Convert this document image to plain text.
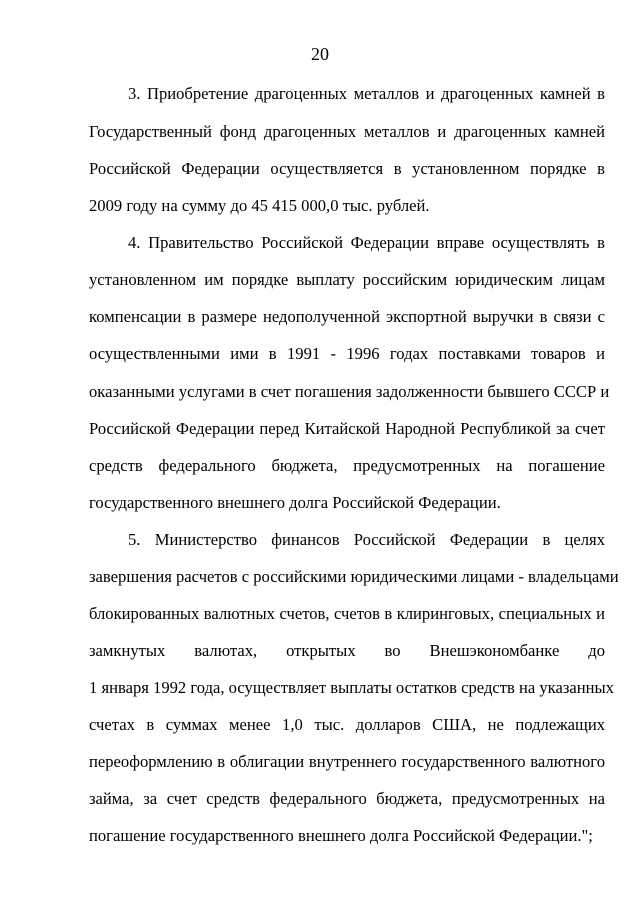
20
3. Приобретение драгоценных металлов и драгоценных камней в
Государственный фонд драгоценных металлов и драгоценных камней
Российской Федерации осуществляется в установленном порядке в
2009 году на сумму до 45 415 000,0 тыс. рублей.
4. Правительство Российской Федерации вправе осуществлять в
установленном им порядке выплату российским юридическим лицам
компенсации в размере недополученной экспортной выручки в связи с
осуществленными ими в 1991 - 1996 годах поставками товаров и
оказанными услугами в счет погашения задолженности бывшего СССР и
Российской Федерации перед Китайской Народной Республикой за счет
средств федерального бюджета, предусмотренных на погашение
государственного внешнего долга Российской Федерации.
5. Министерство финансов Российской Федерации в целях
завершения расчетов с российскими юридическими лицами - владельцами
блокированных валютных счетов, счетов в клиринговых, специальных и
замкнутых валютах, открытых во Внешэкономбанке до
1 января 1992 года, осуществляет выплаты остатков средств на указанных
счетах в суммах менее 1,0 тыс. долларов США, не подлежащих
переоформлению в облигации внутреннего государственного валютного
займа, за счет средств федерального бюджета, предусмотренных на
погашение государственного внешнего долга Российской Федерации.";
